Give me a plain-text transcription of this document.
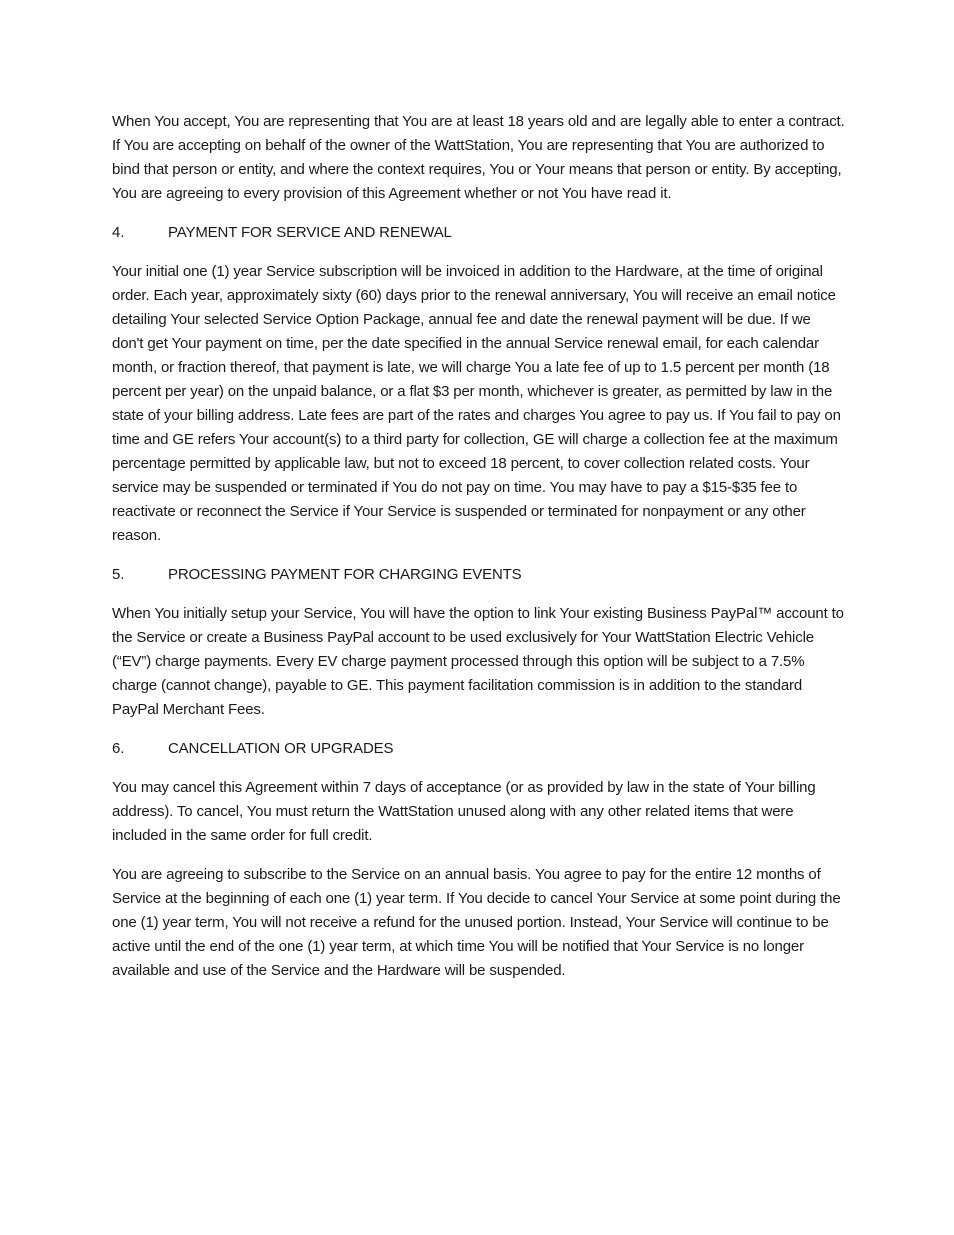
When You accept, You are representing that You are at least 18 years old and are legally able to enter a contract. If You are accepting on behalf of the owner of the WattStation, You are representing that You are authorized to bind that person or entity, and where the context requires, You or Your means that person or entity. By accepting, You are agreeing to every provision of this Agreement whether or not You have read it.

4.	PAYMENT FOR SERVICE AND RENEWAL

Your initial one (1) year Service subscription will be invoiced in addition to the Hardware, at the time of original order. Each year, approximately sixty (60) days prior to the renewal anniversary, You will receive an email notice detailing Your selected Service Option Package, annual fee and date the renewal payment will be due. If we don't get Your payment on time, per the date specified in the annual Service renewal email, for each calendar month, or fraction thereof, that payment is late, we will charge You a late fee of up to 1.5 percent per month (18 percent per year) on the unpaid balance, or a flat $3 per month, whichever is greater, as permitted by law in the state of your billing address. Late fees are part of the rates and charges You agree to pay us. If You fail to pay on time and GE refers Your account(s) to a third party for collection, GE will charge a collection fee at the maximum percentage permitted by applicable law, but not to exceed 18 percent, to cover collection related costs. Your service may be suspended or terminated if You do not pay on time. You may have to pay a $15-$35 fee to reactivate or reconnect the Service if Your Service is suspended or terminated for nonpayment or any other reason.

5.	PROCESSING PAYMENT FOR CHARGING EVENTS

When You initially setup your Service, You will have the option to link Your existing Business PayPal™ account to the Service or create a Business PayPal account to be used exclusively for Your WattStation Electric Vehicle (“EV”) charge payments. Every EV charge payment processed through this option will be subject to a 7.5% charge (cannot change), payable to GE. This payment facilitation commission is in addition to the standard PayPal Merchant Fees.

6.	CANCELLATION OR UPGRADES

You may cancel this Agreement within 7 days of acceptance (or as provided by law in the state of Your billing address). To cancel, You must return the WattStation unused along with any other related items that were included in the same order for full credit.

You are agreeing to subscribe to the Service on an annual basis. You agree to pay for the entire 12 months of Service at the beginning of each one (1) year term. If You decide to cancel Your Service at some point during the one (1) year term, You will not receive a refund for the unused portion. Instead, Your Service will continue to be active until the end of the one (1) year term, at which time You will be notified that Your Service is no longer available and use of the Service and the Hardware will be suspended.
